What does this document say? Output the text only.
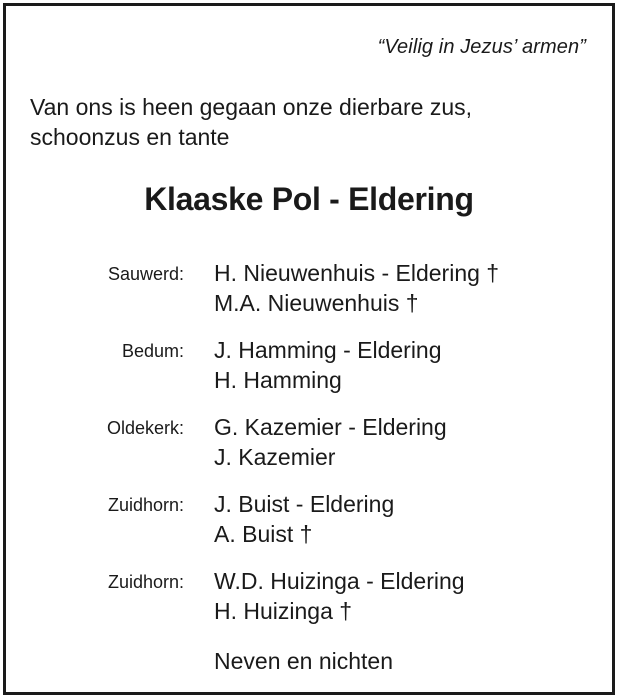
“Veilig in Jezus’ armen”
Van ons is heen gegaan onze dierbare zus,
schoonzus en tante
Klaaske Pol - Eldering
Sauwerd: H. Nieuwenhuis - Eldering †
M.A. Nieuwenhuis †
Bedum: J. Hamming - Eldering
H. Hamming
Oldekerk: G. Kazemier - Eldering
J. Kazemier
Zuidhorn: J. Buist - Eldering
A. Buist †
Zuidhorn: W.D. Huizinga - Eldering
H. Huizinga †
Neven en nichten
